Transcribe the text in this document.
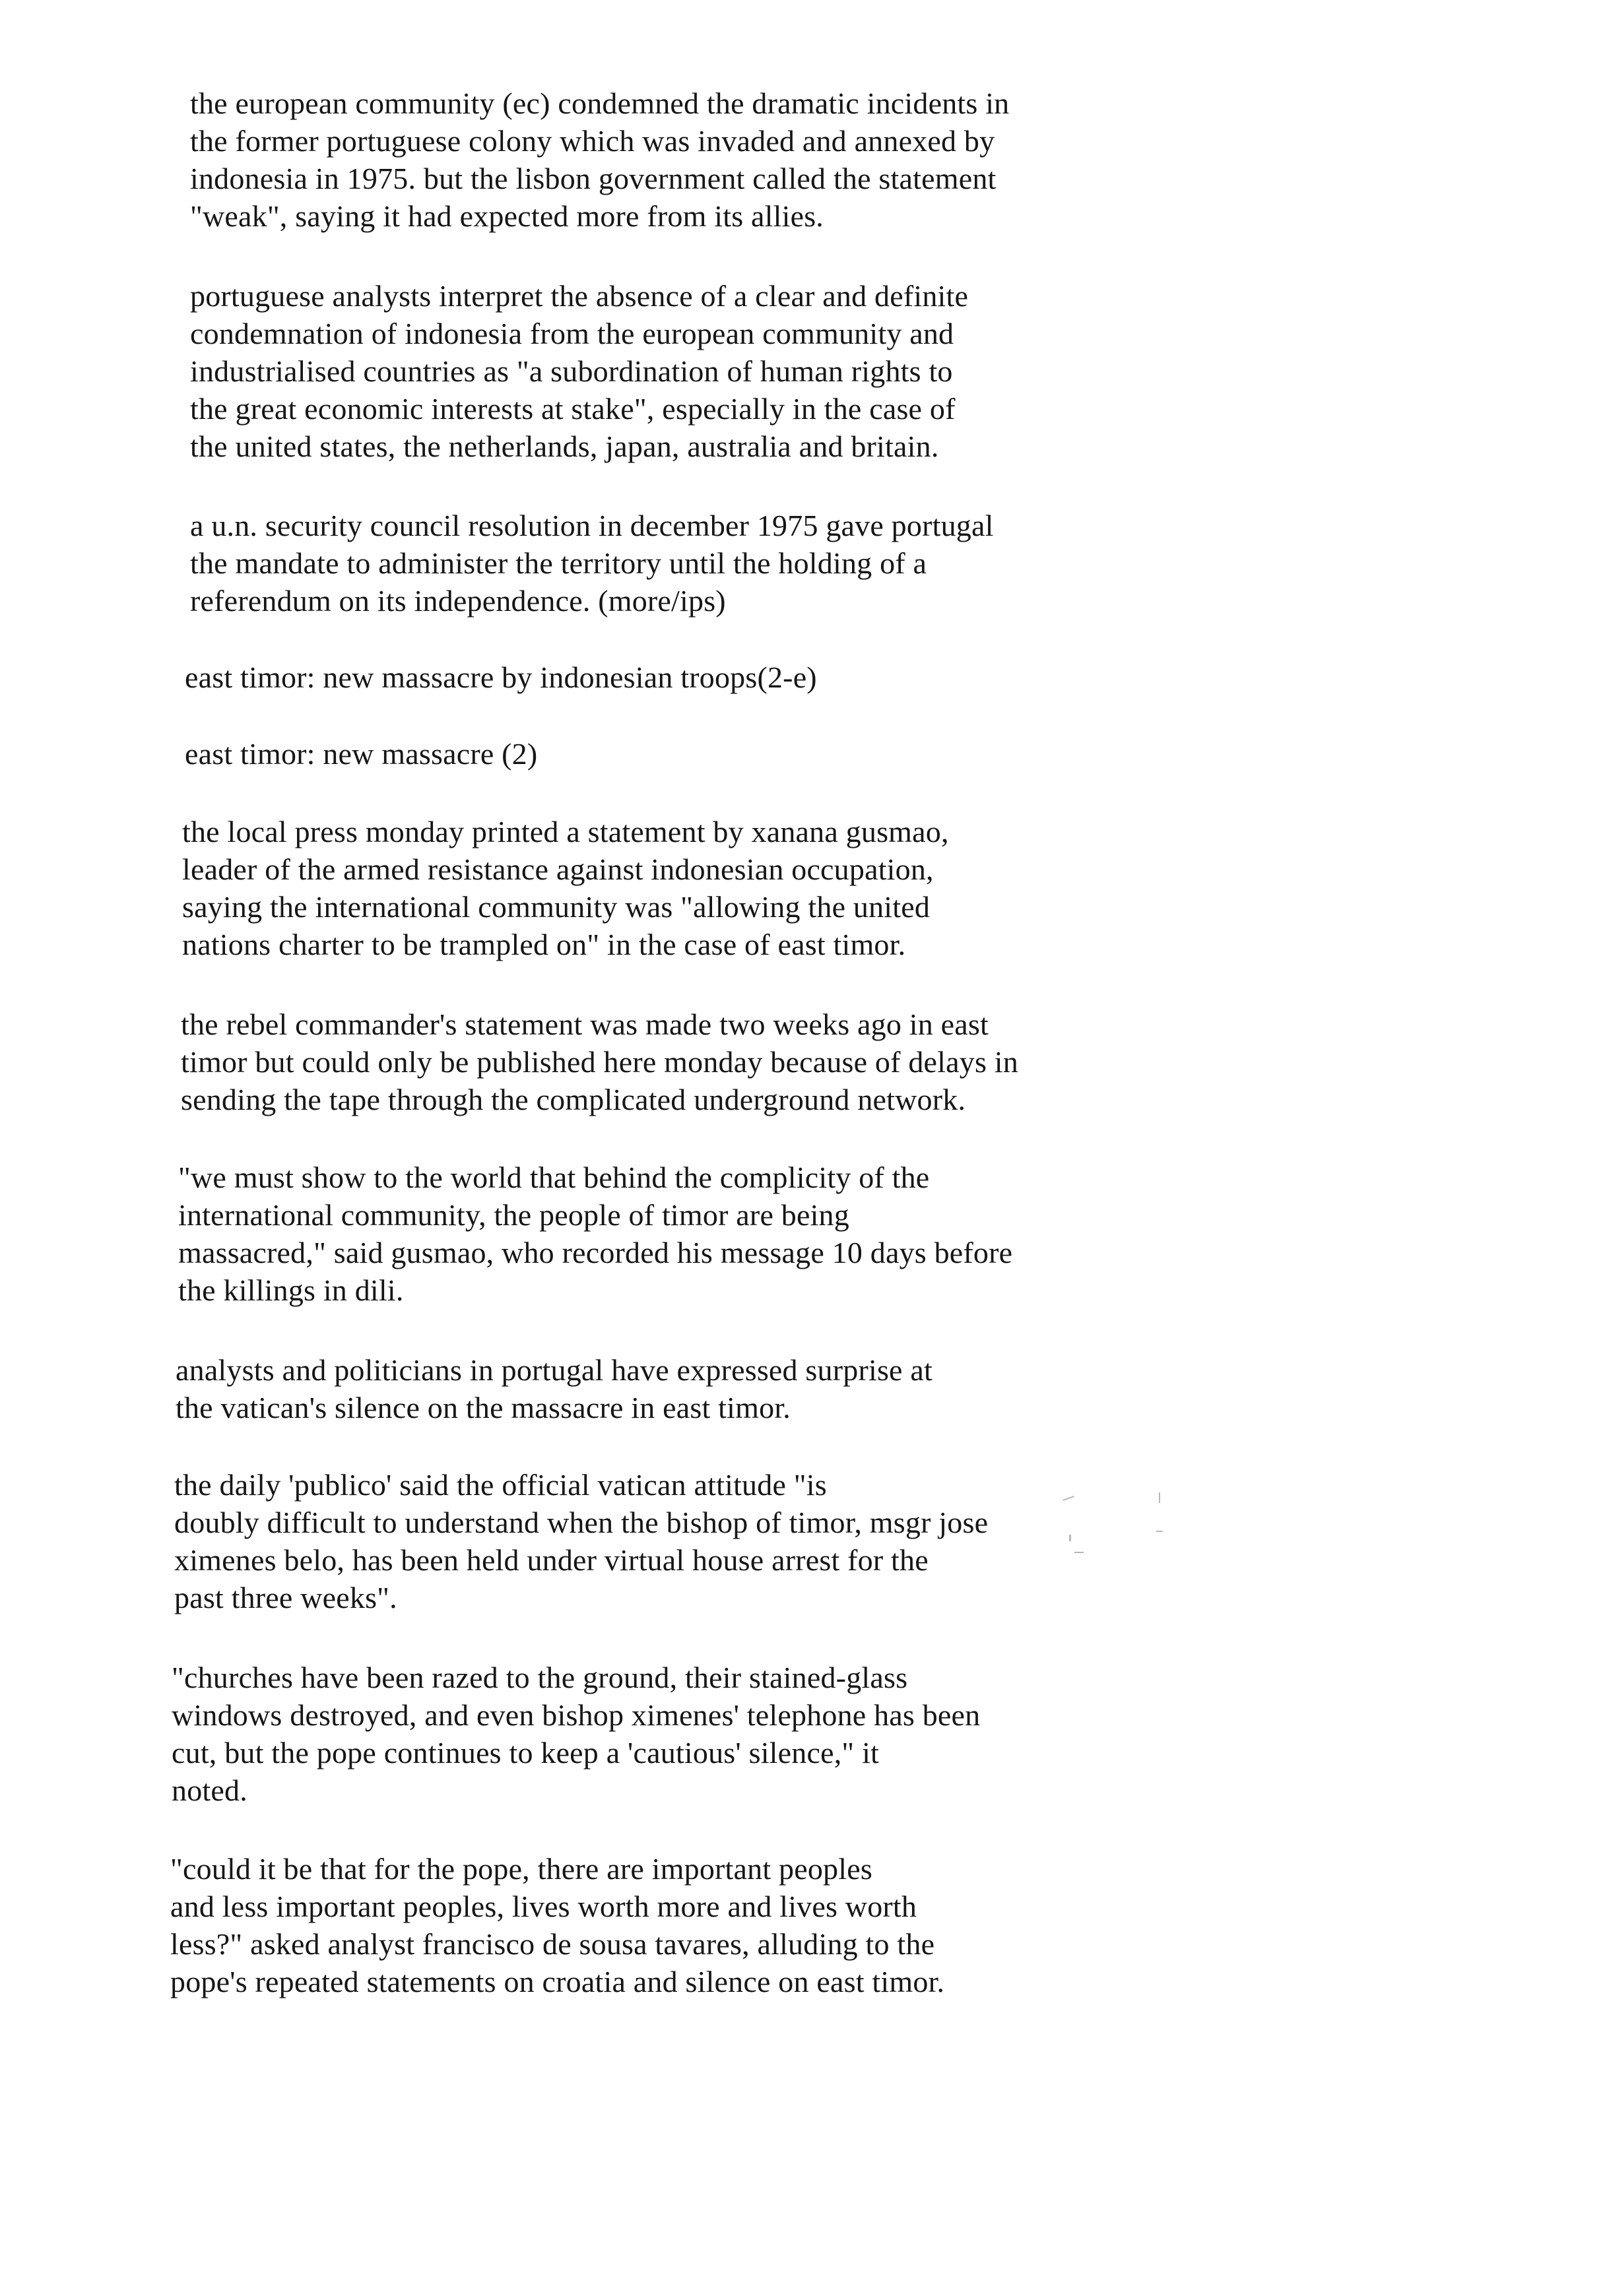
the european community (ec) condemned the dramatic incidents in
the former portuguese colony which was invaded and annexed by
indonesia in 1975. but the lisbon government called the statement
"weak", saying it had expected more from its allies.
portuguese analysts interpret the absence of a clear and definite
condemnation of indonesia from the european community and
industrialised countries as "a subordination of human rights to
the great economic interests at stake", especially in the case of
the united states, the netherlands, japan, australia and britain.
a u.n. security council resolution in december 1975 gave portugal
the mandate to administer the territory until the holding of a
referendum on its independence. (more/ips)
east timor: new massacre by indonesian troops(2-e)
east timor: new massacre (2)
the local press monday printed a statement by xanana gusmao,
leader of the armed resistance against indonesian occupation,
saying the international community was "allowing the united
nations charter to be trampled on" in the case of east timor.
the rebel commander's statement was made two weeks ago in east
timor but could only be published here monday because of delays in
sending the tape through the complicated underground network.
"we must show to the world that behind the complicity of the
international community, the people of timor are being
massacred," said gusmao, who recorded his message 10 days before
the killings in dili.
analysts and politicians in portugal have expressed surprise at
the vatican's silence on the massacre in east timor.
the daily 'publico' said the official vatican attitude "is
doubly difficult to understand when the bishop of timor, msgr jose
ximenes belo, has been held under virtual house arrest for the
past three weeks".
"churches have been razed to the ground, their stained-glass
windows destroyed, and even bishop ximenes' telephone has been
cut, but the pope continues to keep a 'cautious' silence," it
noted.
"could it be that for the pope, there are important peoples
and less important peoples, lives worth more and lives worth
less?" asked analyst francisco de sousa tavares, alluding to the
pope's repeated statements on croatia and silence on east timor.
